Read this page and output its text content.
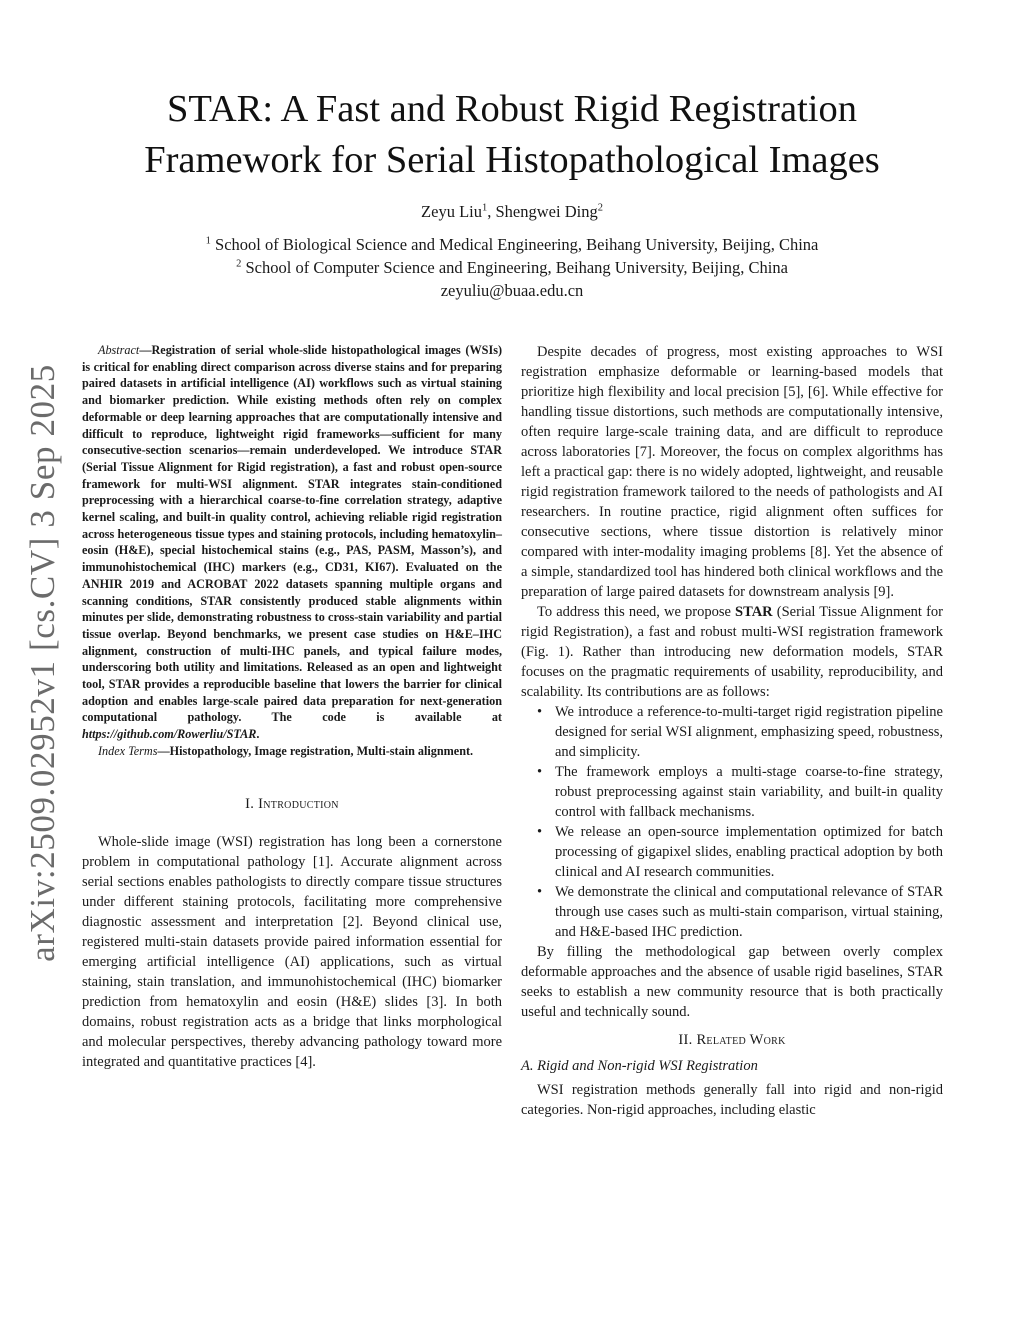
arXiv:2509.02952v1 [cs.CV] 3 Sep 2025
STAR: A Fast and Robust Rigid Registration
Framework for Serial Histopathological Images
Zeyu Liu$^1$, Shengwei Ding$^2$
$^1$ School of Biological Science and Medical Engineering, Beihang University, Beijing, China
$^2$ School of Computer Science and Engineering, Beihang University, Beijing, China
zeyuliu@buaa.edu.cn

Abstract—Registration of serial whole-slide histopathological images (WSIs) is critical for enabling direct comparison across diverse stains and for preparing paired datasets in artificial intelligence (AI) workflows such as virtual staining and biomarker prediction. While existing methods often rely on complex deformable or deep learning approaches that are computationally intensive and difficult to reproduce, lightweight rigid frameworks—sufficient for many consecutive-section scenarios—remain underdeveloped. We introduce STAR (Serial Tissue Alignment for Rigid registration), a fast and robust open-source framework for multi-WSI alignment. STAR integrates stain-conditioned preprocessing with a hierarchical coarse-to-fine correlation strategy, adaptive kernel scaling, and built-in quality control, achieving reliable rigid registration across heterogeneous tissue types and staining protocols, including hematoxylin–eosin (H&E), special histochemical stains (e.g., PAS, PASM, Masson’s), and immunohistochemical (IHC) markers (e.g., CD31, KI67). Evaluated on the ANHIR 2019 and ACROBAT 2022 datasets spanning multiple organs and scanning conditions, STAR consistently produced stable alignments within minutes per slide, demonstrating robustness to cross-stain variability and partial tissue overlap. Beyond benchmarks, we present case studies on H&E–IHC alignment, construction of multi-IHC panels, and typical failure modes, underscoring both utility and limitations. Released as an open and lightweight tool, STAR provides a reproducible baseline that lowers the barrier for clinical adoption and enables large-scale paired data preparation for next-generation computational pathology. The code is available at https://github.com/Rowerliu/STAR.

Index Terms—Histopathology, Image registration, Multi-stain alignment.

I. Introduction

Whole-slide image (WSI) registration has long been a cornerstone problem in computational pathology [1]. Accurate alignment across serial sections enables pathologists to directly compare tissue structures under different staining protocols, facilitating more comprehensive diagnostic assessment and interpretation [2]. Beyond clinical use, registered multi-stain datasets provide paired information essential for emerging artificial intelligence (AI) applications, such as virtual staining, stain translation, and immunohistochemical (IHC) biomarker prediction from hematoxylin and eosin (H&E) slides [3]. In both domains, robust registration acts as a bridge that links morphological and molecular perspectives, thereby advancing pathology toward more integrated and quantitative practices [4].

Despite decades of progress, most existing approaches to WSI registration emphasize deformable or learning-based models that prioritize high flexibility and local precision [5], [6]. While effective for handling tissue distortions, such methods are computationally intensive, often require large-scale training data, and are difficult to reproduce across laboratories [7]. Moreover, the focus on complex algorithms has left a practical gap: there is no widely adopted, lightweight, and reusable rigid registration framework tailored to the needs of pathologists and AI researchers. In routine practice, rigid alignment often suffices for consecutive sections, where tissue distortion is relatively minor compared with inter-modality imaging problems [8]. Yet the absence of a simple, standardized tool has hindered both clinical workflows and the preparation of large paired datasets for downstream analysis [9].

To address this need, we propose STAR (Serial Tissue Alignment for rigid Registration), a fast and robust multi-WSI registration framework (Fig. 1). Rather than introducing new deformation models, STAR focuses on the pragmatic requirements of usability, reproducibility, and scalability. Its contributions are as follows:

• We introduce a reference-to-multi-target rigid registration pipeline designed for serial WSI alignment, emphasizing speed, robustness, and simplicity.
• The framework employs a multi-stage coarse-to-fine strategy, robust preprocessing against stain variability, and built-in quality control with fallback mechanisms.
• We release an open-source implementation optimized for batch processing of gigapixel slides, enabling practical adoption by both clinical and AI research communities.
• We demonstrate the clinical and computational relevance of STAR through use cases such as multi-stain comparison, virtual staining, and H&E-based IHC prediction.

By filling the methodological gap between overly complex deformable approaches and the absence of usable rigid baselines, STAR seeks to establish a new community resource that is both practically useful and technically sound.

II. Related Work

A. Rigid and Non-rigid WSI Registration

WSI registration methods generally fall into rigid and non-rigid categories. Non-rigid approaches, including elastic
